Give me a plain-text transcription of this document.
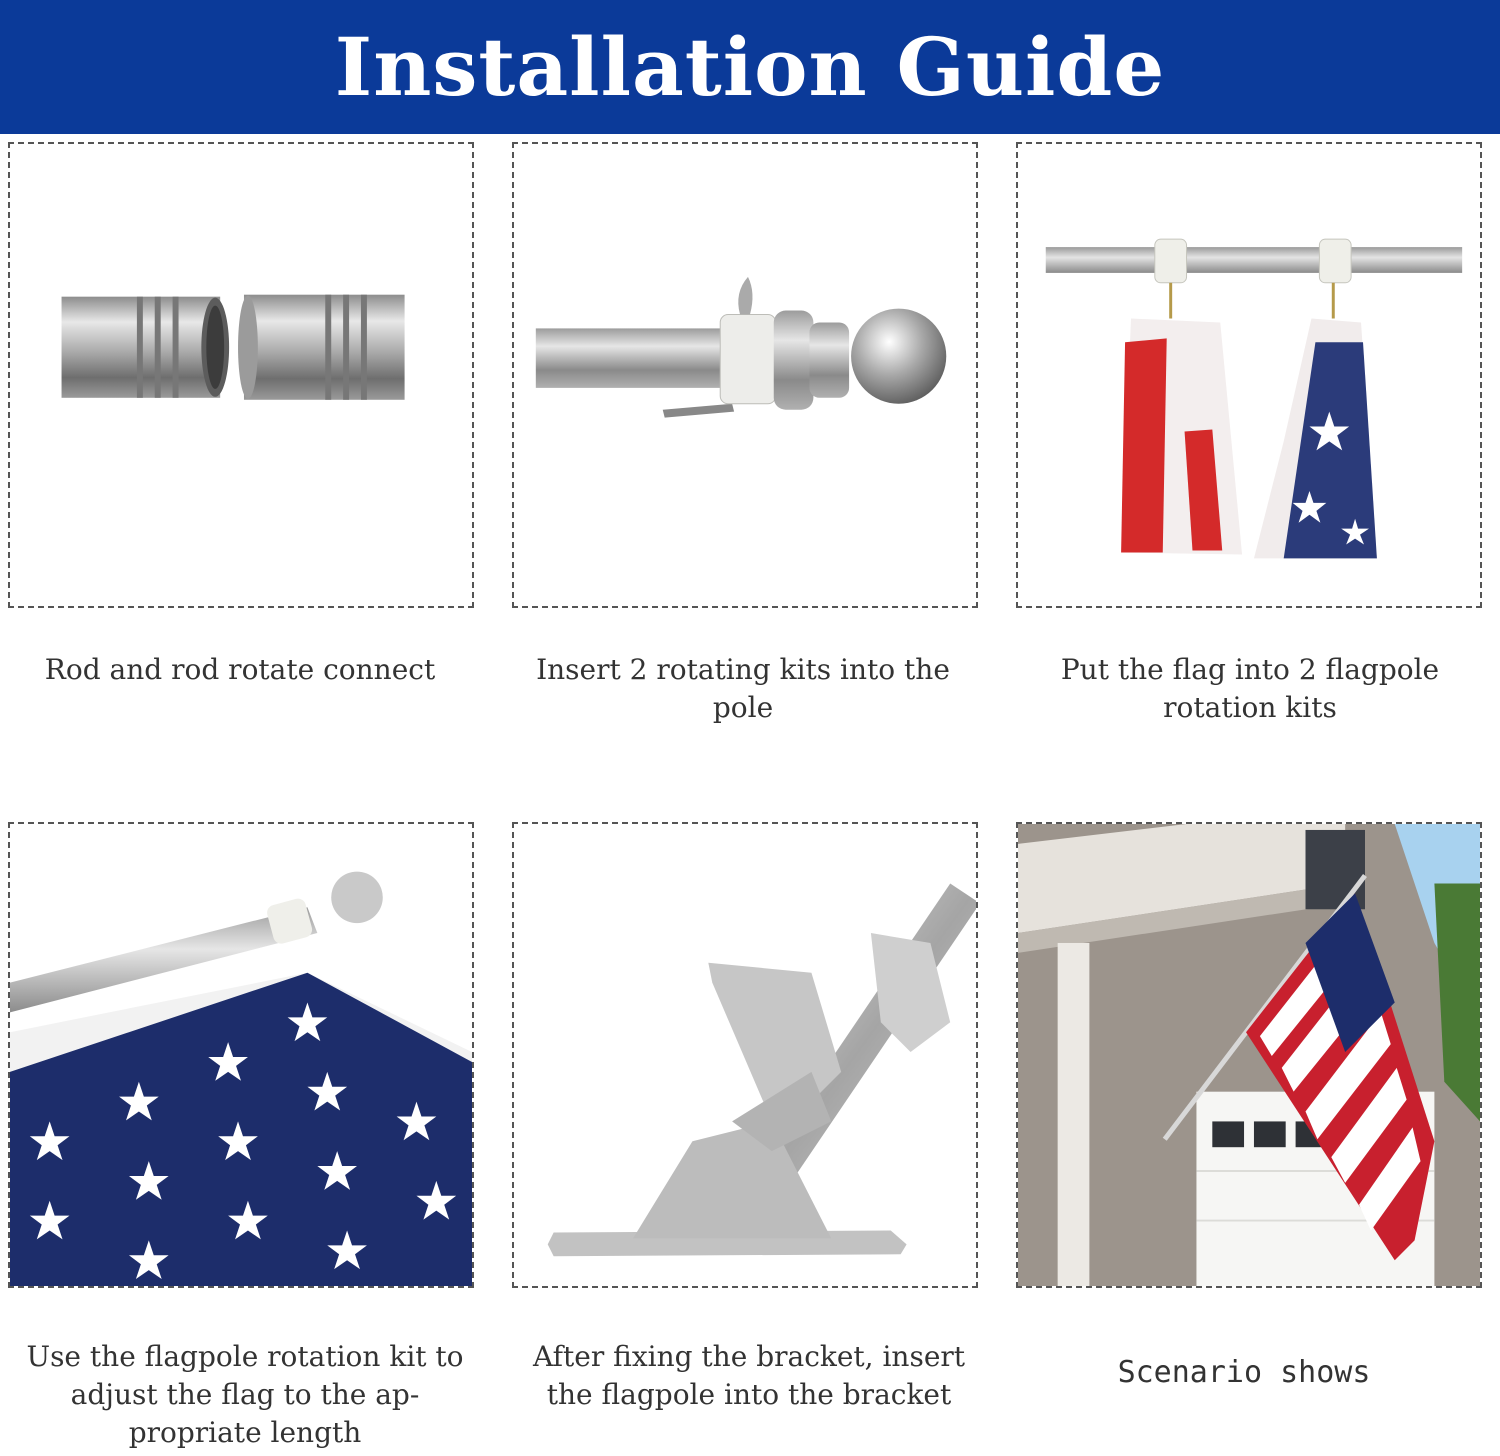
Installation Guide
Rod and rod rotate connect	Insert 2 rotating kits into the pole
Put the flag into 2 flagpole rotation kits
Use the flagpole rotation kit to adjust the flag to the ap-propriate length
After fixing the bracket, insert the flagpole into the bracket
Scenario shows
